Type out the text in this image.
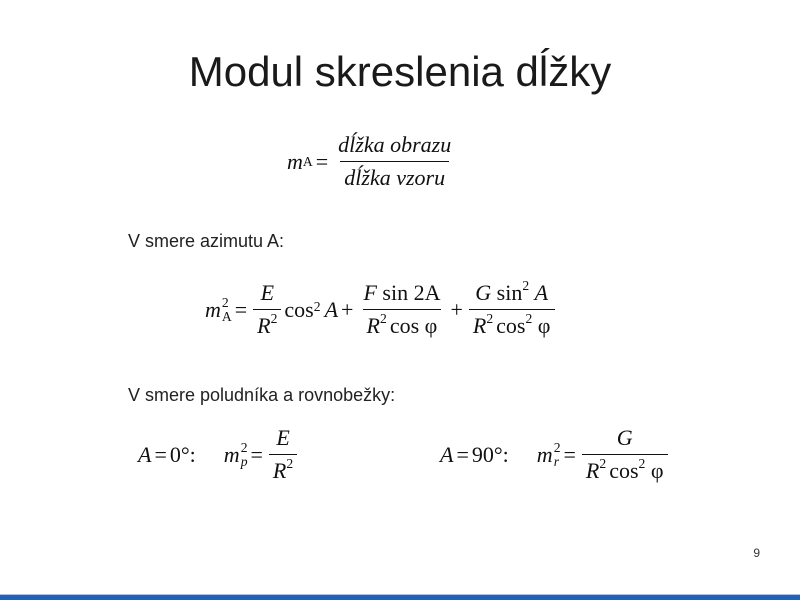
Modul skreslenia dĺžky
m $A = \frac{\text{dĺžka obrazu}}{\text{dĺžka vzoru}}$
V smere azimutu A:
m 2
$A = \frac{E}{R^2} \cos^2 A + \frac{\text{F sin 2A}}{R^2 \cos \varphi} + \frac{G \sin^2 A}{R^2 \cos^2 \varphi}$
V smere poludníka a rovnobežky:
A = 0°: m 2
$p = \frac{E}{R^2}$	A = 90°: m 2
$r = \frac{G}{R^2 \cos^2 \varphi}$
9
